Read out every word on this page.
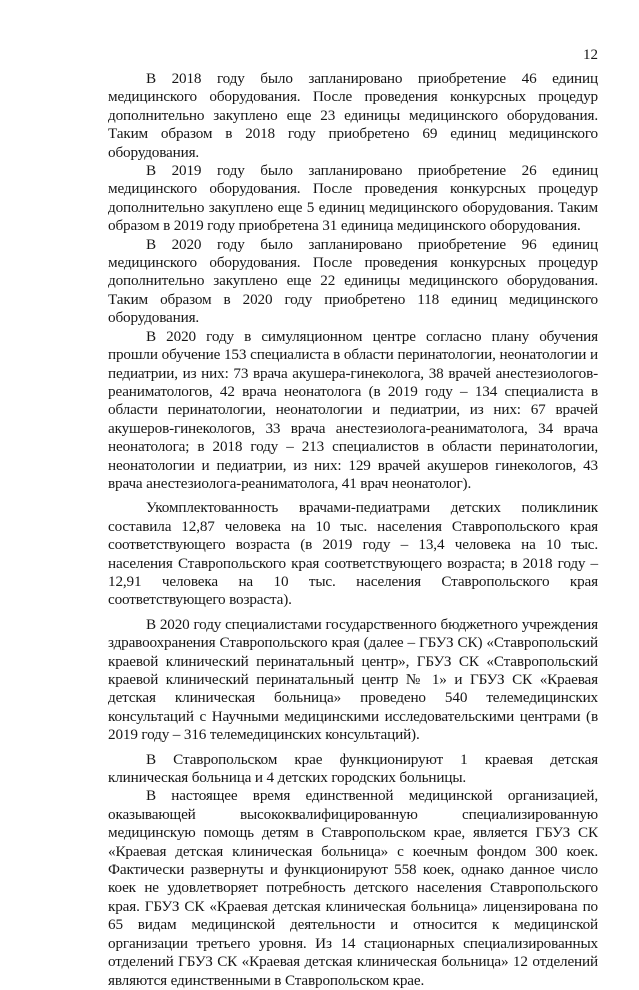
12

В 2018 году было запланировано приобретение 46 единиц медицинского оборудования. После проведения конкурсных процедур дополнительно закуплено еще 23 единицы медицинского оборудования. Таким образом в 2018 году приобретено 69 единиц медицинского оборудования.

В 2019 году было запланировано приобретение 26 единиц медицинского оборудования. После проведения конкурсных процедур дополнительно закуплено еще 5 единиц медицинского оборудования. Таким образом в 2019 году приобретена 31 единица медицинского оборудования.

В 2020 году было запланировано приобретение 96 единиц медицинского оборудования. После проведения конкурсных процедур дополнительно закуплено еще 22 единицы медицинского оборудования. Таким образом в 2020 году приобретено 118 единиц медицинского оборудования.

В 2020 году в симуляционном центре согласно плану обучения прошли обучение 153 специалиста в области перинатологии, неонатологии и педиатрии, из них: 73 врача акушера-гинеколога, 38 врачей анестезиологов-реаниматологов, 42 врача неонатолога (в 2019 году – 134 специалиста в области перинатологии, неонатологии и педиатрии, из них: 67 врачей акушеров-гинекологов, 33 врача анестезиолога-реаниматолога, 34 врача неонатолога; в 2018 году – 213 специалистов в области перинатологии, неонатологии и педиатрии, из них: 129 врачей акушеров гинекологов, 43 врача анестезиолога-реаниматолога, 41 врач неонатолог).

Укомплектованность врачами-педиатрами детских поликлиник составила 12,87 человека на 10 тыс. населения Ставропольского края соответствующего возраста (в 2019 году – 13,4 человека на 10 тыс. населения Ставропольского края соответствующего возраста; в 2018 году – 12,91 человека на 10 тыс. населения Ставропольского края соответствующего возраста).

В 2020 году специалистами государственного бюджетного учреждения здравоохранения Ставропольского края (далее – ГБУЗ СК) «Ставропольский краевой клинический перинатальный центр», ГБУЗ СК «Ставропольский краевой клинический перинатальный центр № 1» и ГБУЗ СК «Краевая детская клиническая больница» проведено 540 телемедицинских консультаций с Научными медицинскими исследовательскими центрами (в 2019 году – 316 телемедицинских консультаций).

В Ставропольском крае функционируют 1 краевая детская клиническая больница и 4 детских городских больницы.

В настоящее время единственной медицинской организацией, оказывающей высококвалифицированную специализированную медицинскую помощь детям в Ставропольском крае, является ГБУЗ СК «Краевая детская клиническая больница» с коечным фондом 300 коек. Фактически развернуты и функционируют 558 коек, однако данное число коек не удовлетворяет потребность детского населения Ставропольского края. ГБУЗ СК «Краевая детская клиническая больница» лицензирована по 65 видам медицинской деятельности и относится к медицинской организации третьего уровня. Из 14 стационарных специализированных отделений ГБУЗ СК «Краевая детская клиническая больница» 12 отделений являются единственными в Ставропольском крае.
